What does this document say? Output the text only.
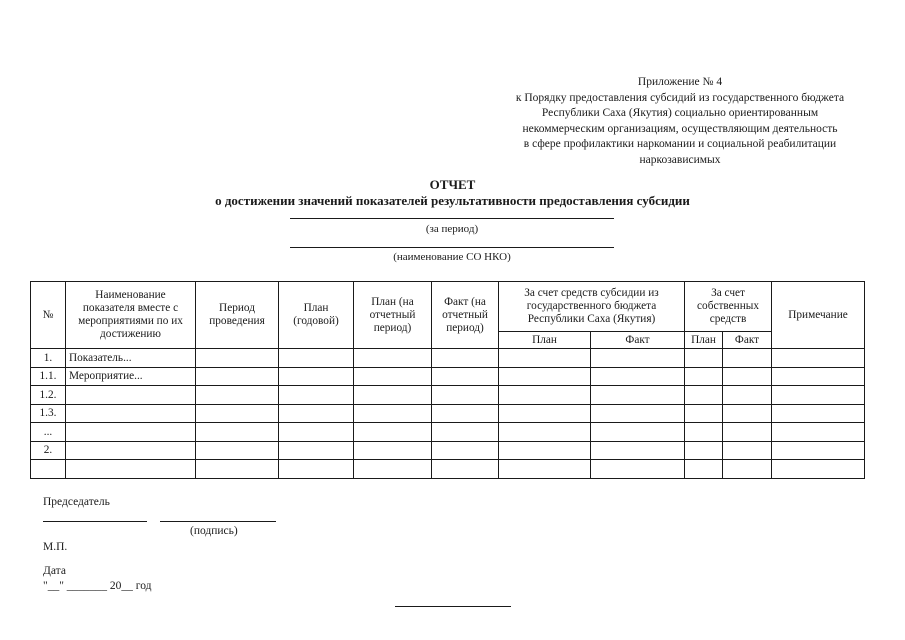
Приложение № 4
к Порядку предоставления субсидий из государственного бюджета
Республики Саха (Якутия) социально ориентированным
некоммерческим организациям, осуществляющим деятельность
в сфере профилактики наркомании и социальной реабилитации
наркозависимых
ОТЧЕТ
о достижении значений показателей результативности предоставления субсидии
(за период)
(наименование СО НКО)
№	Наименование показателя вместе с мероприятиями по их достижению	Период проведения	План (годовой)	План (на отчетный период)	Факт (на отчетный период)	За счет средств субсидии из государственного бюджета Республики Саха (Якутия)		За счет собственных средств		Примечание
						План	Факт	План	Факт	
1.	Показатель...									
1.1.	Мероприятие...									
1.2.										
1.3.										
...										
2.										

Председатель
(подпись)
М.П.
Дата
"__" _______ 20__ год
